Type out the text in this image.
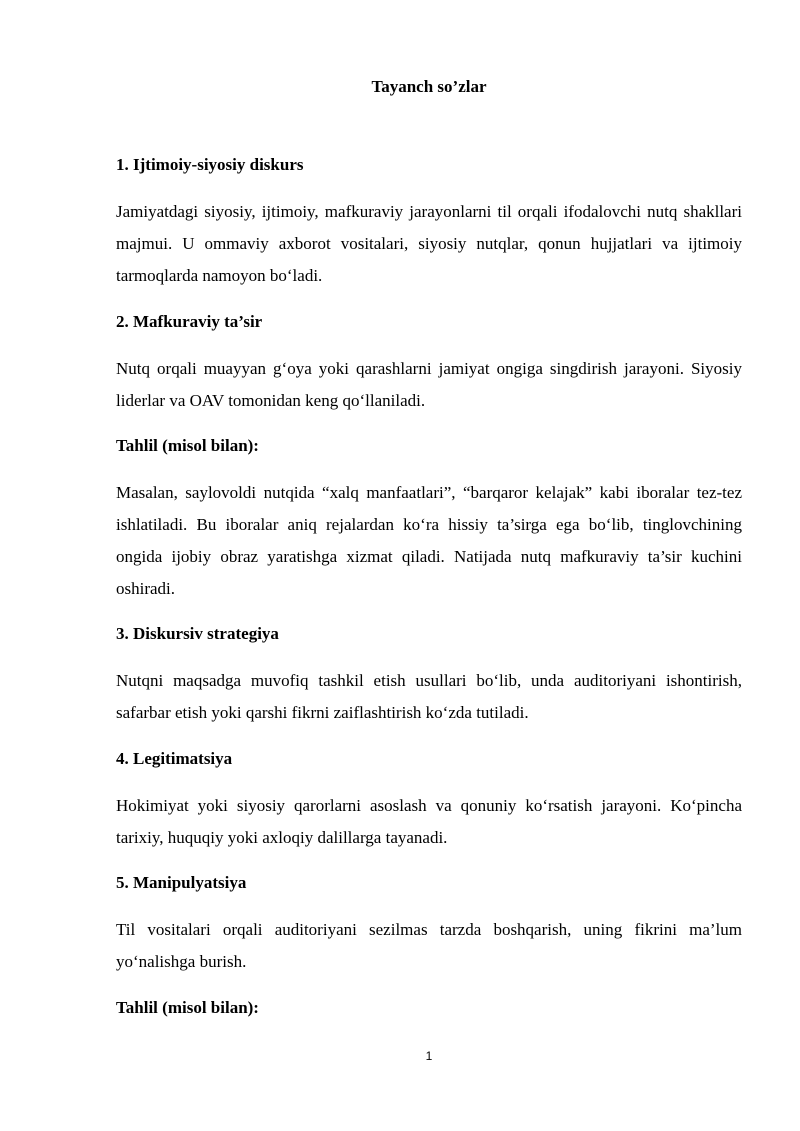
Tayanch so’zlar
1. Ijtimoiy-siyosiy diskurs

Jamiyatdagi siyosiy, ijtimoiy, mafkuraviy jarayonlarni til orqali ifodalovchi nutq shakllari majmui. U ommaviy axborot vositalari, siyosiy nutqlar, qonun hujjatlari va ijtimoiy tarmoqlarda namoyon bo‘ladi.

2. Mafkuraviy ta’sir

Nutq orqali muayyan g‘oya yoki qarashlarni jamiyat ongiga singdirish jarayoni. Siyosiy liderlar va OAV tomonidan keng qo‘llaniladi.

Tahlil (misol bilan):

Masalan, saylovoldi nutqida “xalq manfaatlari”, “barqaror kelajak” kabi iboralar tez-tez ishlatiladi. Bu iboralar aniq rejalardan ko‘ra hissiy ta’sirga ega bo‘lib, tinglovchining ongida ijobiy obraz yaratishga xizmat qiladi. Natijada nutq mafkuraviy ta’sir kuchini oshiradi.

3. Diskursiv strategiya

Nutqni maqsadga muvofiq tashkil etish usullari bo‘lib, unda auditoriyani ishontirish, safarbar etish yoki qarshi fikrni zaiflashtirish ko‘zda tutiladi.

4. Legitimatsiya

Hokimiyat yoki siyosiy qarorlarni asoslash va qonuniy ko‘rsatish jarayoni. Ko‘pincha tarixiy, huquqiy yoki axloqiy dalillarga tayanadi.

5. Manipulyatsiya

Til vositalari orqali auditoriyani sezilmas tarzda boshqarish, uning fikrini ma’lum yo‘nalishga burish.

Tahlil (misol bilan):
1
